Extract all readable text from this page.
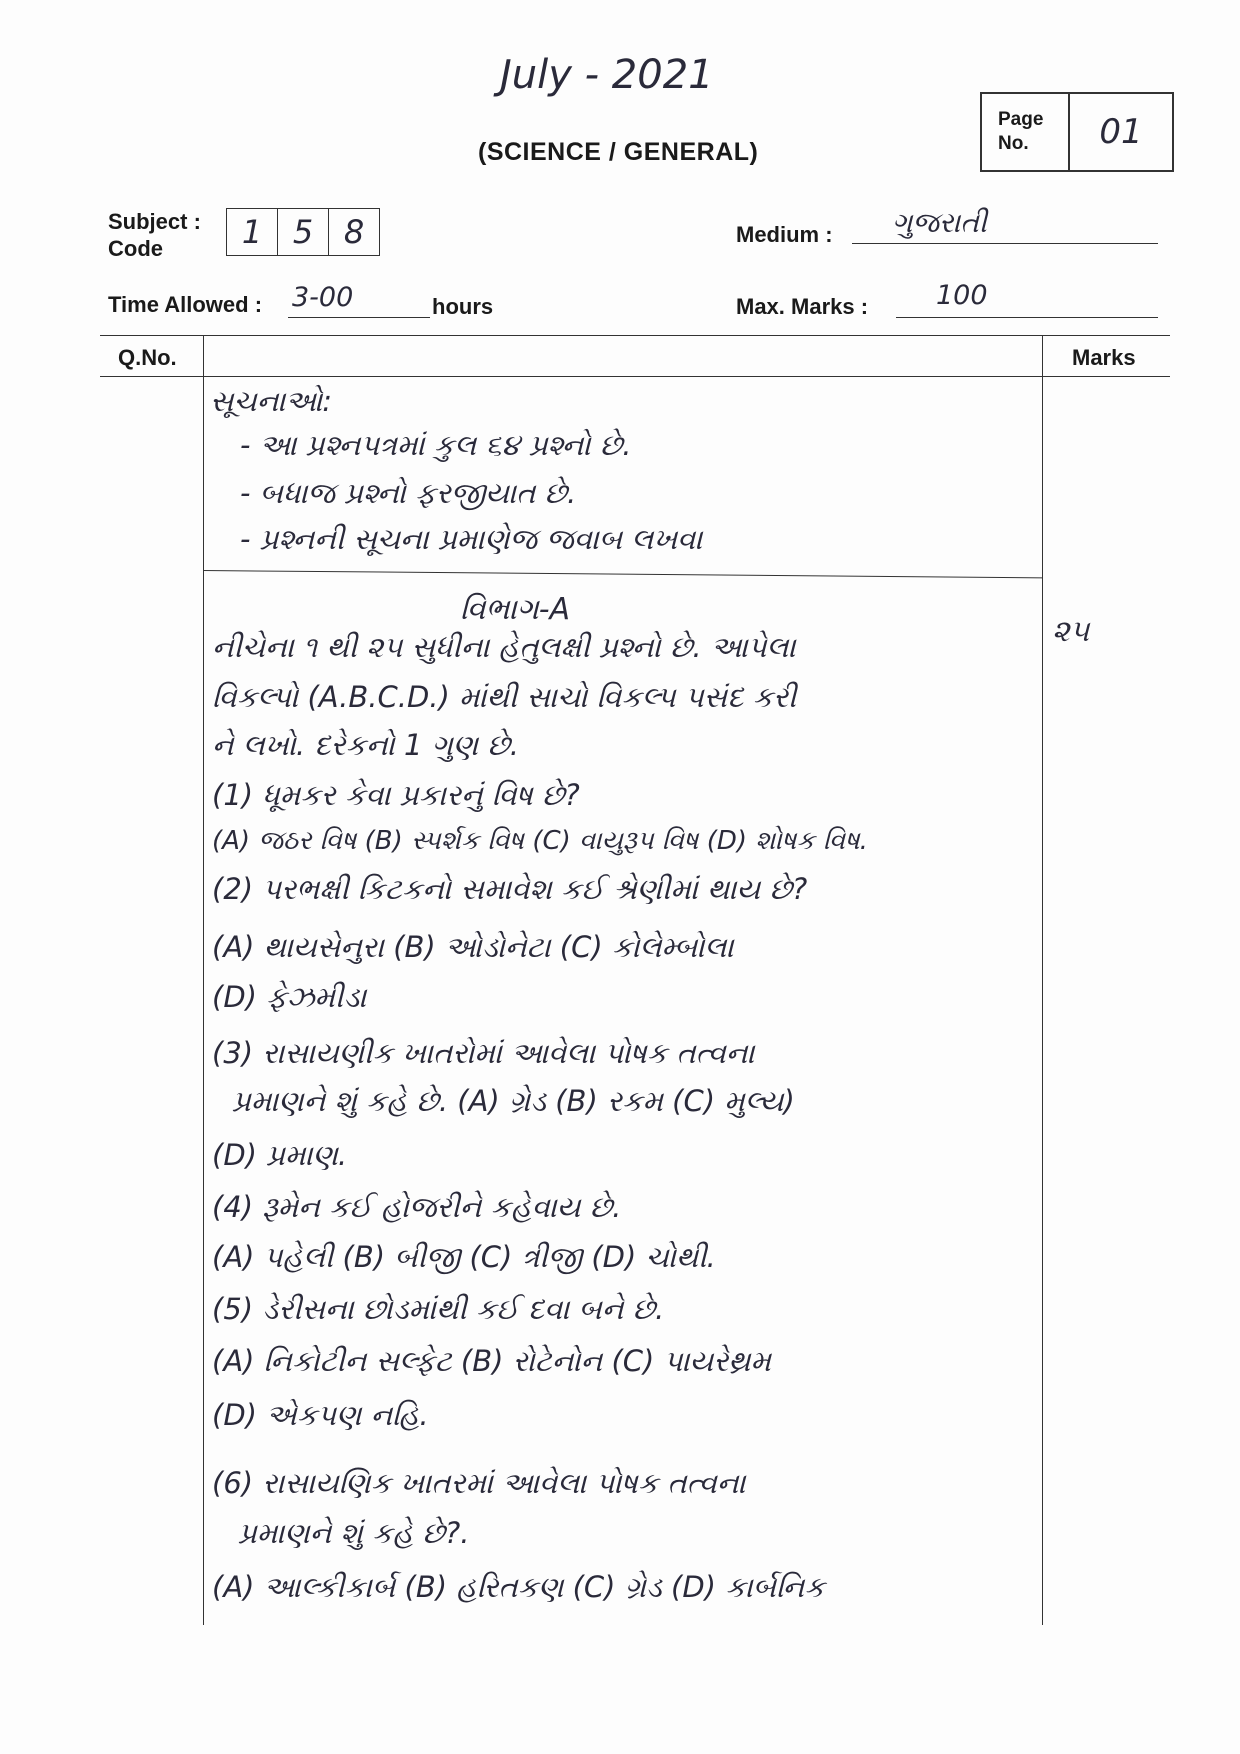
July - 2021
(SCIENCE / GENERAL)
Page No.	01
Subject : Code	1 5 8	Medium :	ગુજરાતી
Time Allowed : 3-00	hours	Max. Marks :	100
Q.No.	Marks
સૂચનાઓ:
- આ પ્રશ્નપત્રમાં કુલ ૬૪ પ્રશ્નો છે.
- બધાજ પ્રશ્નો ફરજીયાત છે.
- પ્રશ્નની સૂચના પ્રમાણેજ જવાબ લખવા
વિભાગ-A
૨૫
નીચેના ૧ થી ૨૫ સુધીના હેતુલક્ષી પ્રશ્નો છે. આપેલા
વિકલ્પો (A.B.C.D.) માંથી સાચો વિકલ્પ પસંદ કરી
ને લખો. દરેકનો 1 ગુણ છે.
(1) ધૂમકર કેવા પ્રકારનું વિષ છે?
(A) જઠર વિષ (B) સ્પર્શક વિષ (C) વાયુરૂપ વિષ (D) શોષક વિષ.
(2) પરભક્ષી કિટકનો સમાવેશ કઈ શ્રેણીમાં થાય છે?
(A) થાયસેનુરા (B) ઓડોનેટા (C) કોલેમ્બોલા
(D) ફેઝમીડા
(3) રાસાયણીક ખાતરોમાં આવેલા પોષક તત્વના
પ્રમાણને શું કહે છે. (A) ગ્રેડ (B) રકમ (C) મુલ્ય)
(D) પ્રમાણ.
(4) રૂમેન કઈ હોજરીને કહેવાય છે.
(A) પહેલી (B) બીજી (C) ત્રીજી (D) ચોથી.
(5) ડેરીસના છોડમાંથી કઈ દવા બને છે.
(A) નિકોટીન સલ્ફેટ (B) રોટેનોન (C) પાયરેથ્રમ
(D) એકપણ નહિ.
(6) રાસાયણિક ખાતરમાં આવેલા પોષક તત્વના
પ્રમાણને શું કહે છે?.
(A) આલ્કીકાર્બ (B) હરિતકણ (C) ગ્રેડ (D) કાર્બનિક
